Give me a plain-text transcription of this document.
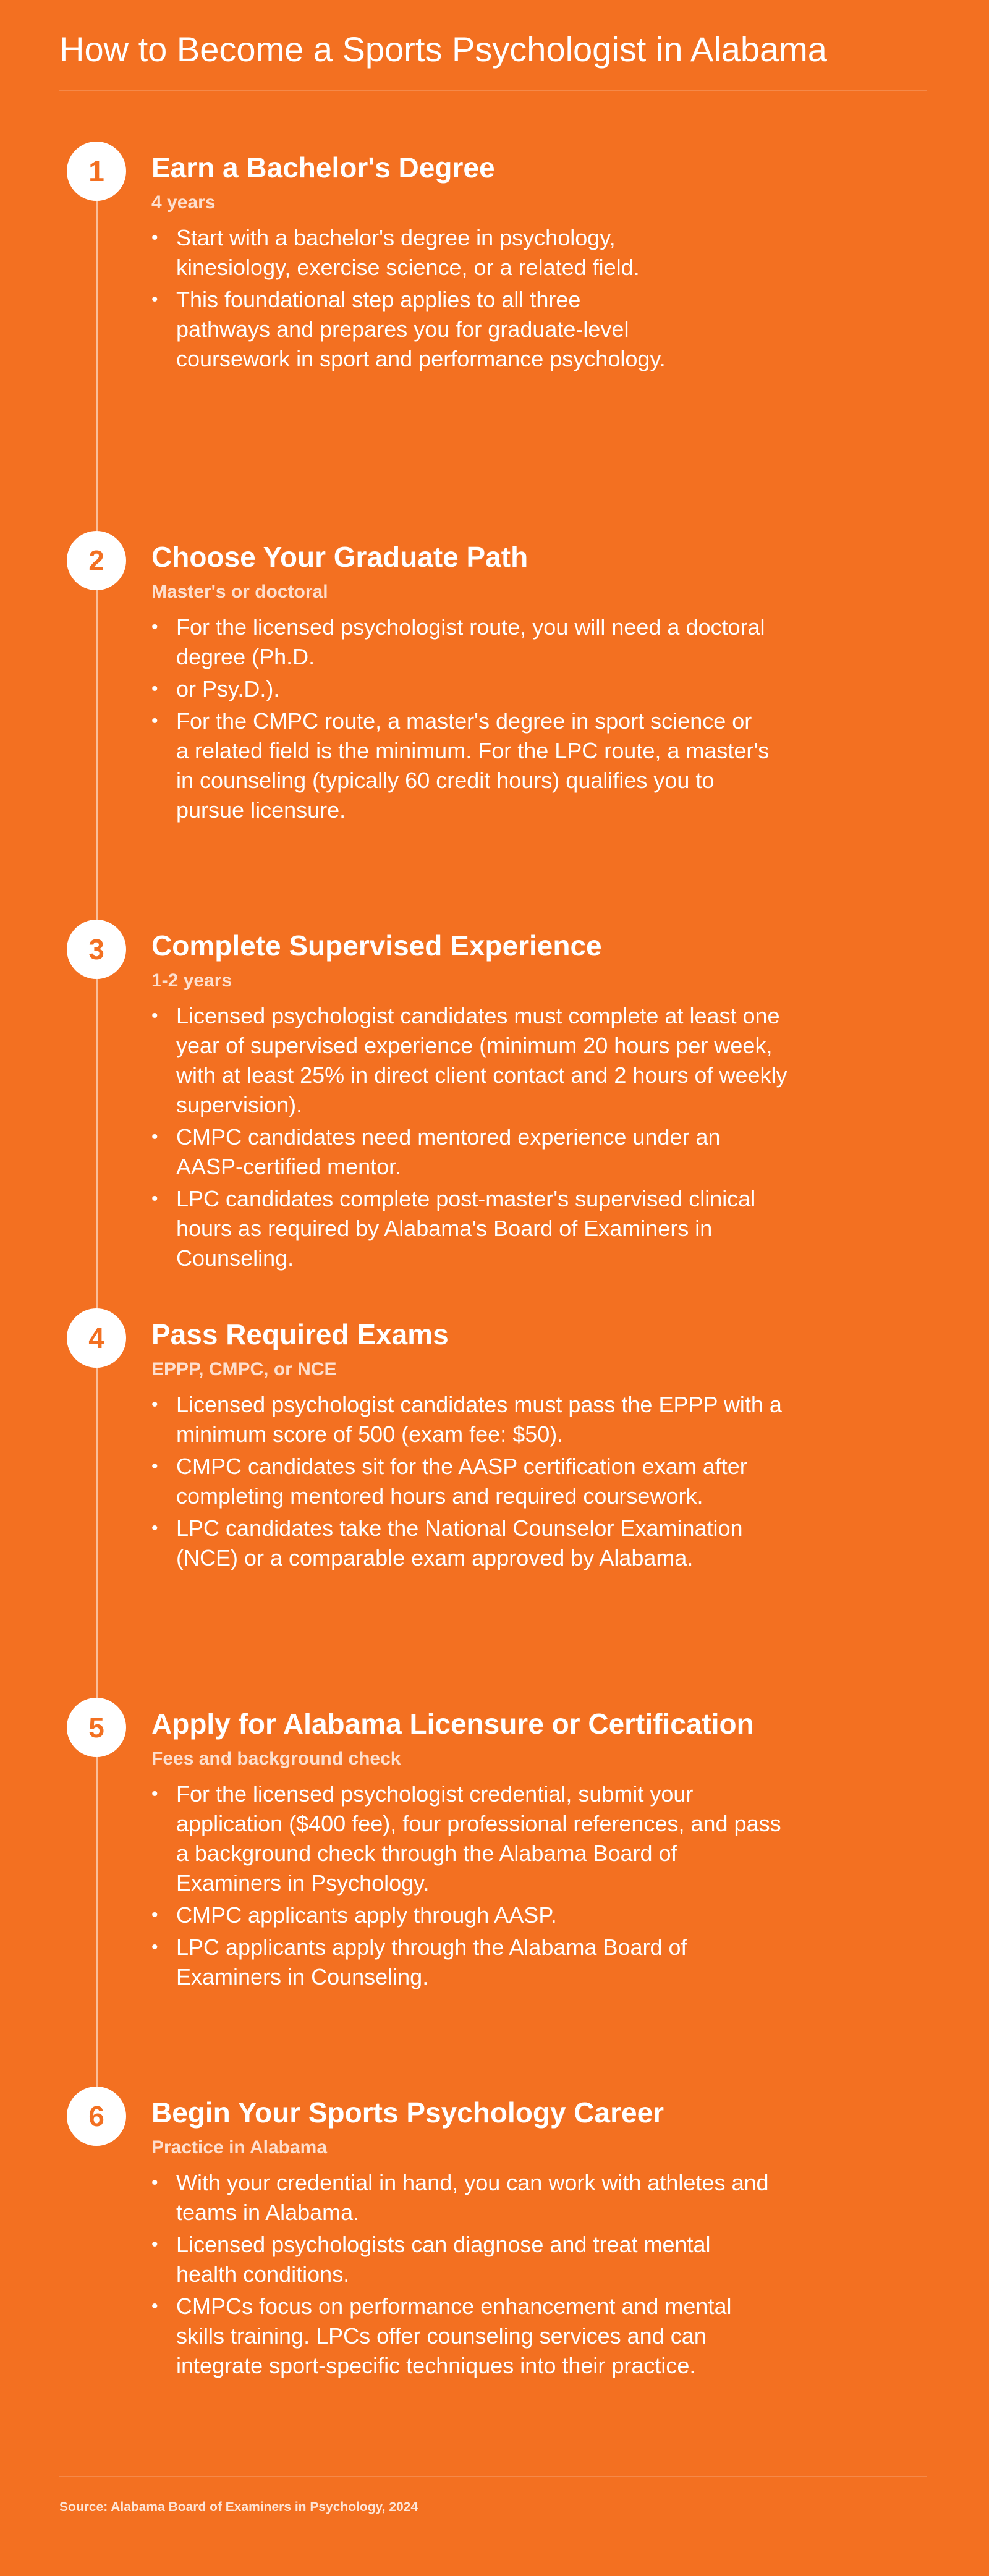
How to Become a Sports Psychologist in Alabama
1	Earn a Bachelor's Degree
4 years
• Start with a bachelor's degree in psychology, kinesiology, exercise science, or a related field.
• This foundational step applies to all three pathways and prepares you for graduate-level coursework in sport and performance psychology.
2	Choose Your Graduate Path
Master's or doctoral
• For the licensed psychologist route, you will need a doctoral degree (Ph.D.
• or Psy.D.).
• For the CMPC route, a master's degree in sport science or a related field is the minimum. For the LPC route, a master's in counseling (typically 60 credit hours) qualifies you to pursue licensure.
3	Complete Supervised Experience
1-2 years
• Licensed psychologist candidates must complete at least one year of supervised experience (minimum 20 hours per week, with at least 25% in direct client contact and 2 hours of weekly supervision).
• CMPC candidates need mentored experience under an AASP-certified mentor.
• LPC candidates complete post-master's supervised clinical hours as required by Alabama's Board of Examiners in Counseling.
4	Pass Required Exams
EPPP, CMPC, or NCE
• Licensed psychologist candidates must pass the EPPP with a minimum score of 500 (exam fee: $50).
• CMPC candidates sit for the AASP certification exam after completing mentored hours and required coursework.
• LPC candidates take the National Counselor Examination (NCE) or a comparable exam approved by Alabama.
5	Apply for Alabama Licensure or Certification
Fees and background check
• For the licensed psychologist credential, submit your application ($400 fee), four professional references, and pass a background check through the Alabama Board of Examiners in Psychology.
• CMPC applicants apply through AASP.
• LPC applicants apply through the Alabama Board of Examiners in Counseling.
6	Begin Your Sports Psychology Career
Practice in Alabama
• With your credential in hand, you can work with athletes and teams in Alabama.
• Licensed psychologists can diagnose and treat mental health conditions.
• CMPCs focus on performance enhancement and mental skills training. LPCs offer counseling services and can integrate sport-specific techniques into their practice.
Source: Alabama Board of Examiners in Psychology, 2024
